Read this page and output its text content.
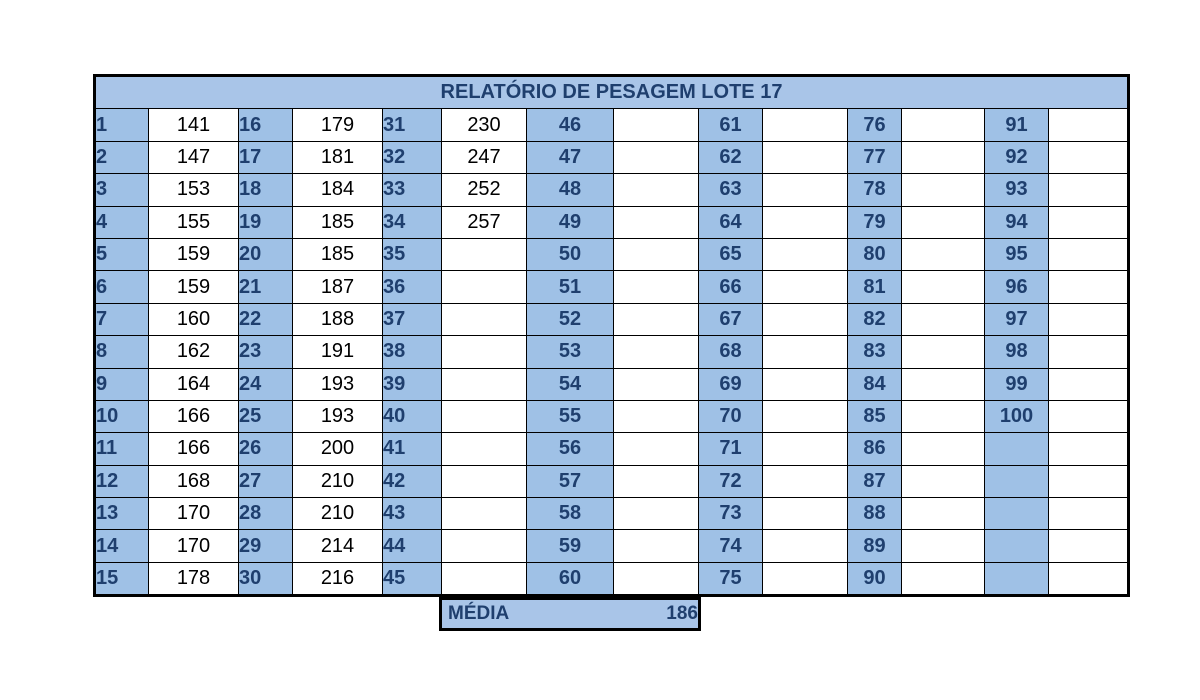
RELATÓRIO DE PESAGEM LOTE 17													
1	141	16	179	31	230	46		61		76		91	
2	147	17	181	32	247	47		62		77		92	
3	153	18	184	33	252	48		63		78		93	
4	155	19	185	34	257	49		64		79		94	
5	159	20	185	35		50		65		80		95	
6	159	21	187	36		51		66		81		96	
7	160	22	188	37		52		67		82		97	
8	162	23	191	38		53		68		83		98	
9	164	24	193	39		54		69		84		99	
10	166	25	193	40		55		70		85		100	
11	166	26	200	41		56		71		86			
12	168	27	210	42		57		72		87			
13	170	28	210	43		58		73		88			
14	170	29	214	44		59		74		89			
15	178	30	216	45		60		75		90			
MÉDIA	186
